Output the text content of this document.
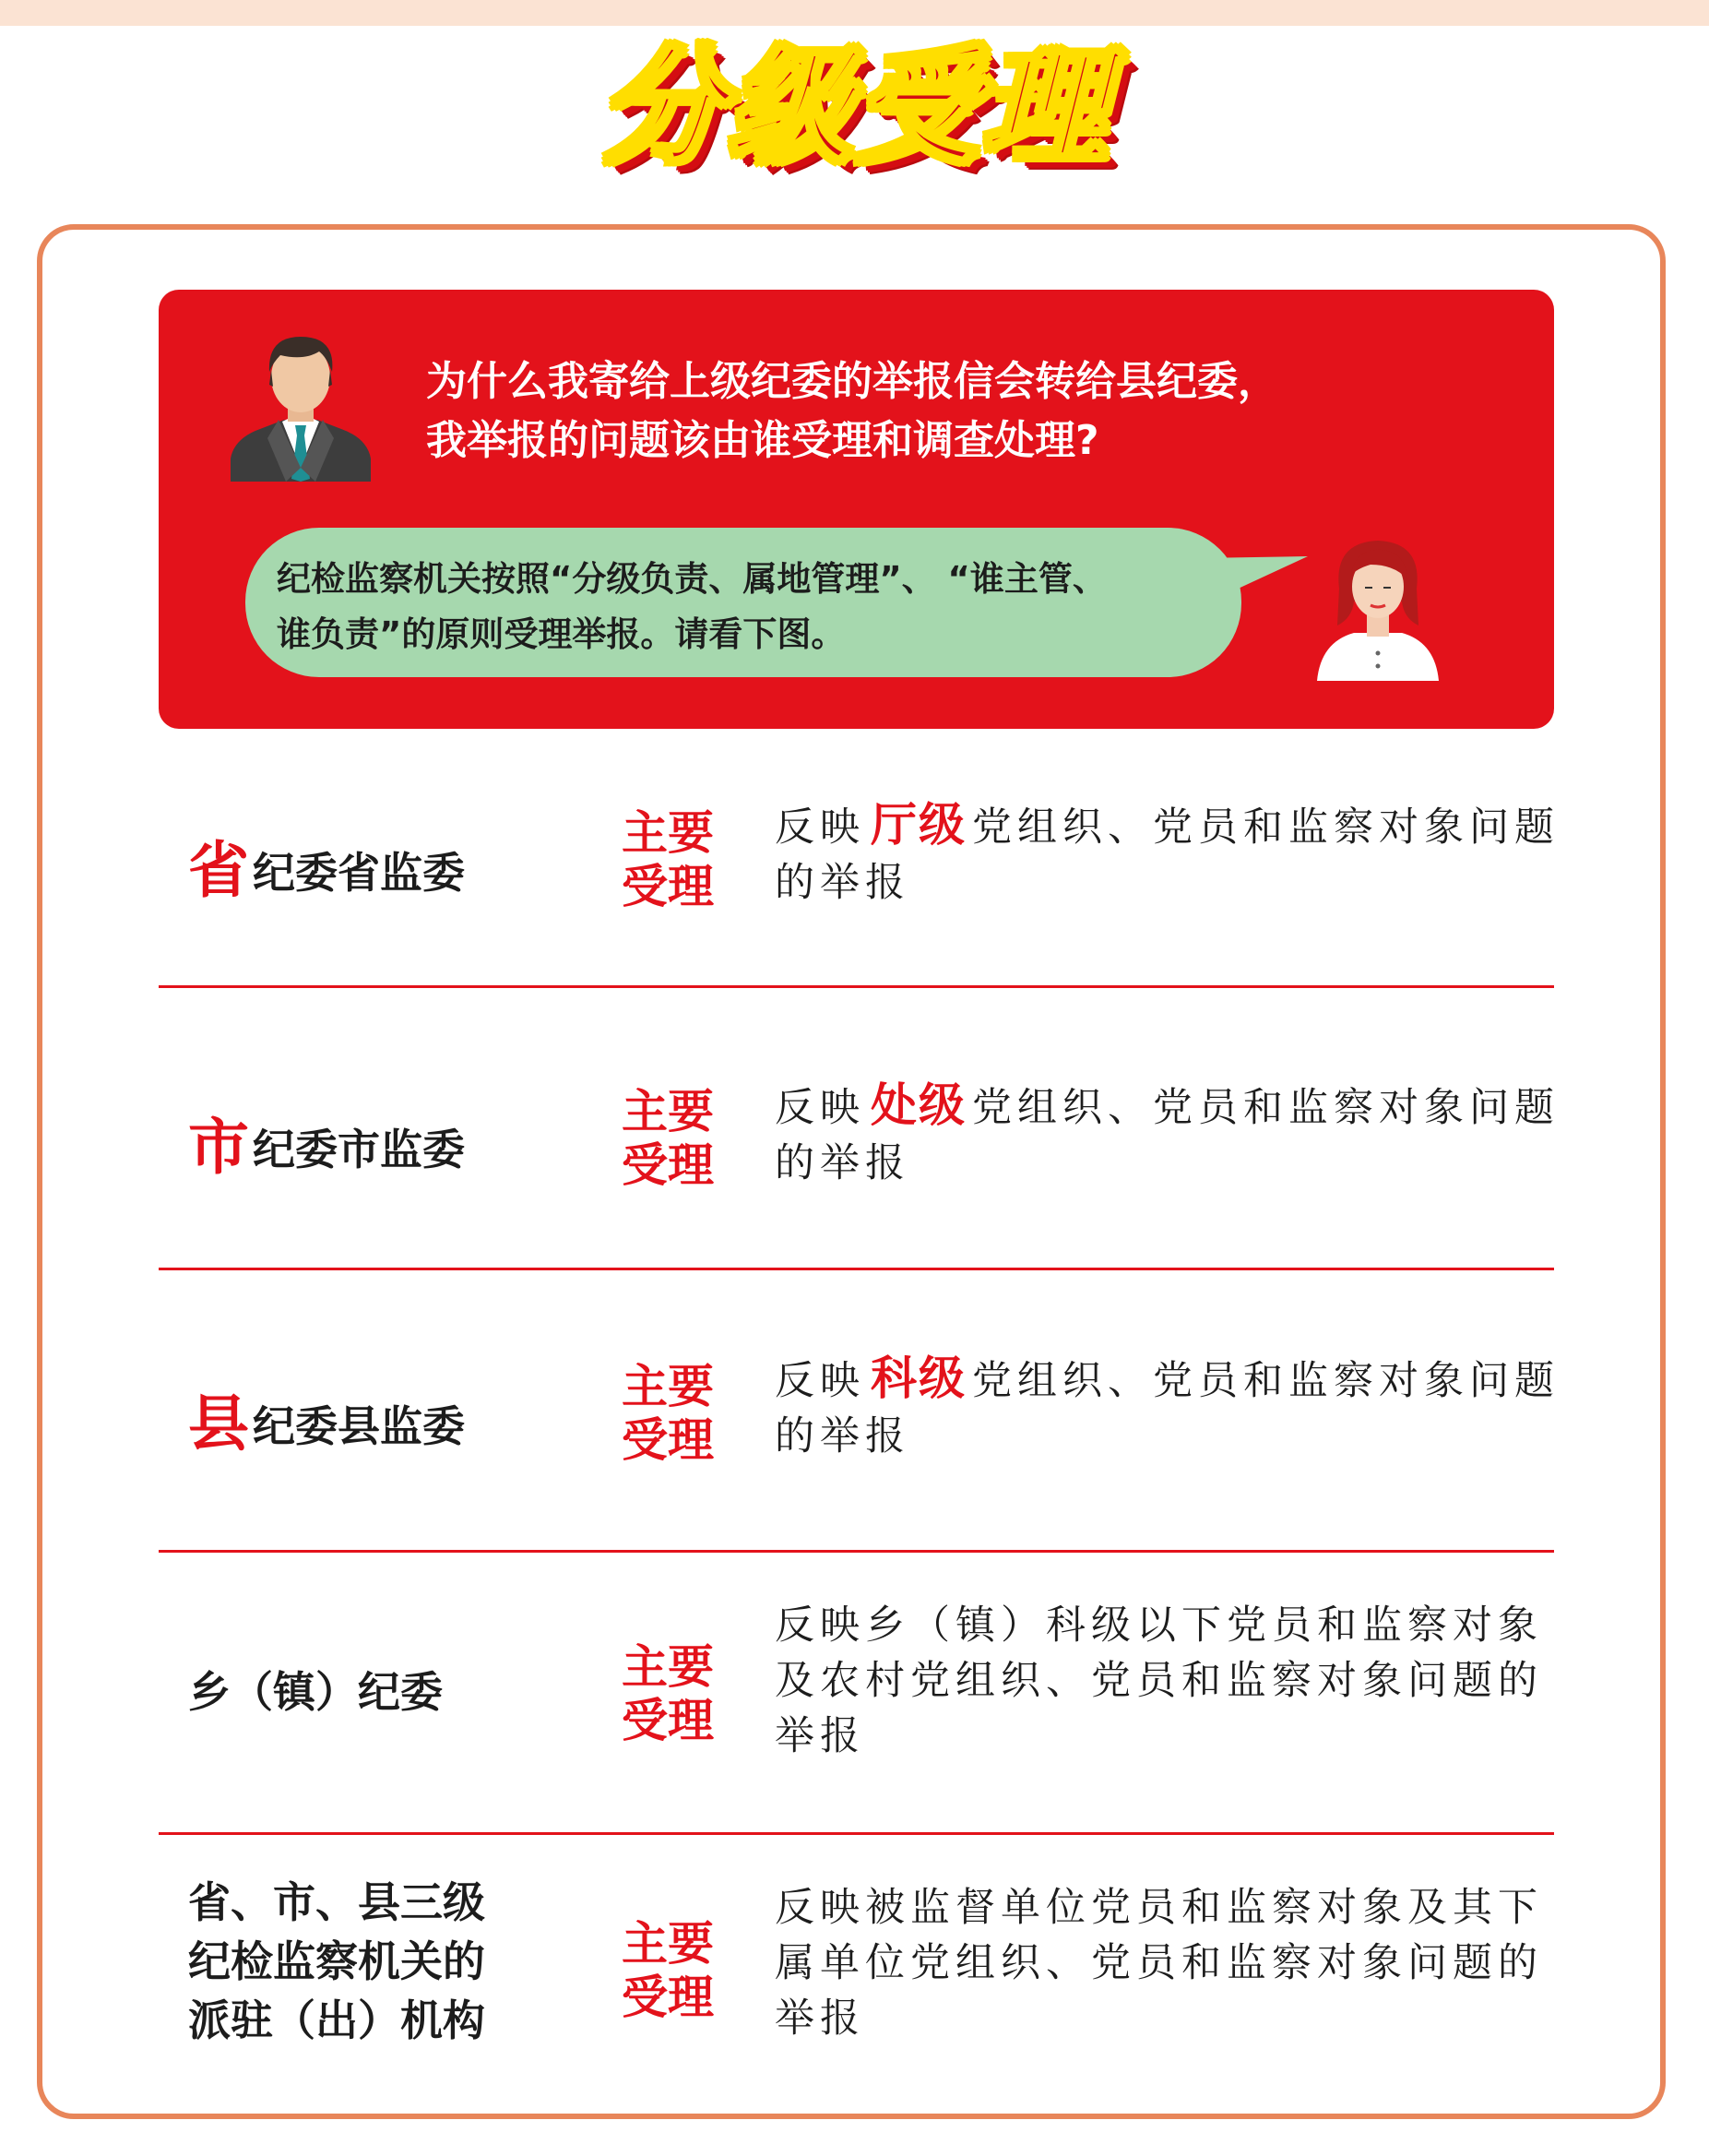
分级受理
为什么我寄给上级纪委的举报信会转给县纪委，
我举报的问题该由谁受理和调查处理?
纪检监察机关按照“分级负责、属地管理”、 “谁主管、
谁负责”的原则受理举报。请看下图。
省纪委省监委
主要
受理
反映 厅级 党组织、党员和监察对象问题
的举报
市纪委市监委
主要
受理
反映 处级 党组织、党员和监察对象问题
的举报
县纪委县监委
主要
受理
反映 科级 党组织、党员和监察对象问题
的举报
乡（镇）纪委	主要
受理
反映乡（镇）科级以下党员和监察对象
及农村党组织、党员和监察对象问题的
举报
省、市、县三级
纪检监察机关的
派驻（出）机构
主要
受理
反映被监督单位党员和监察对象及其下
属单位党组织、党员和监察对象问题的
举报
